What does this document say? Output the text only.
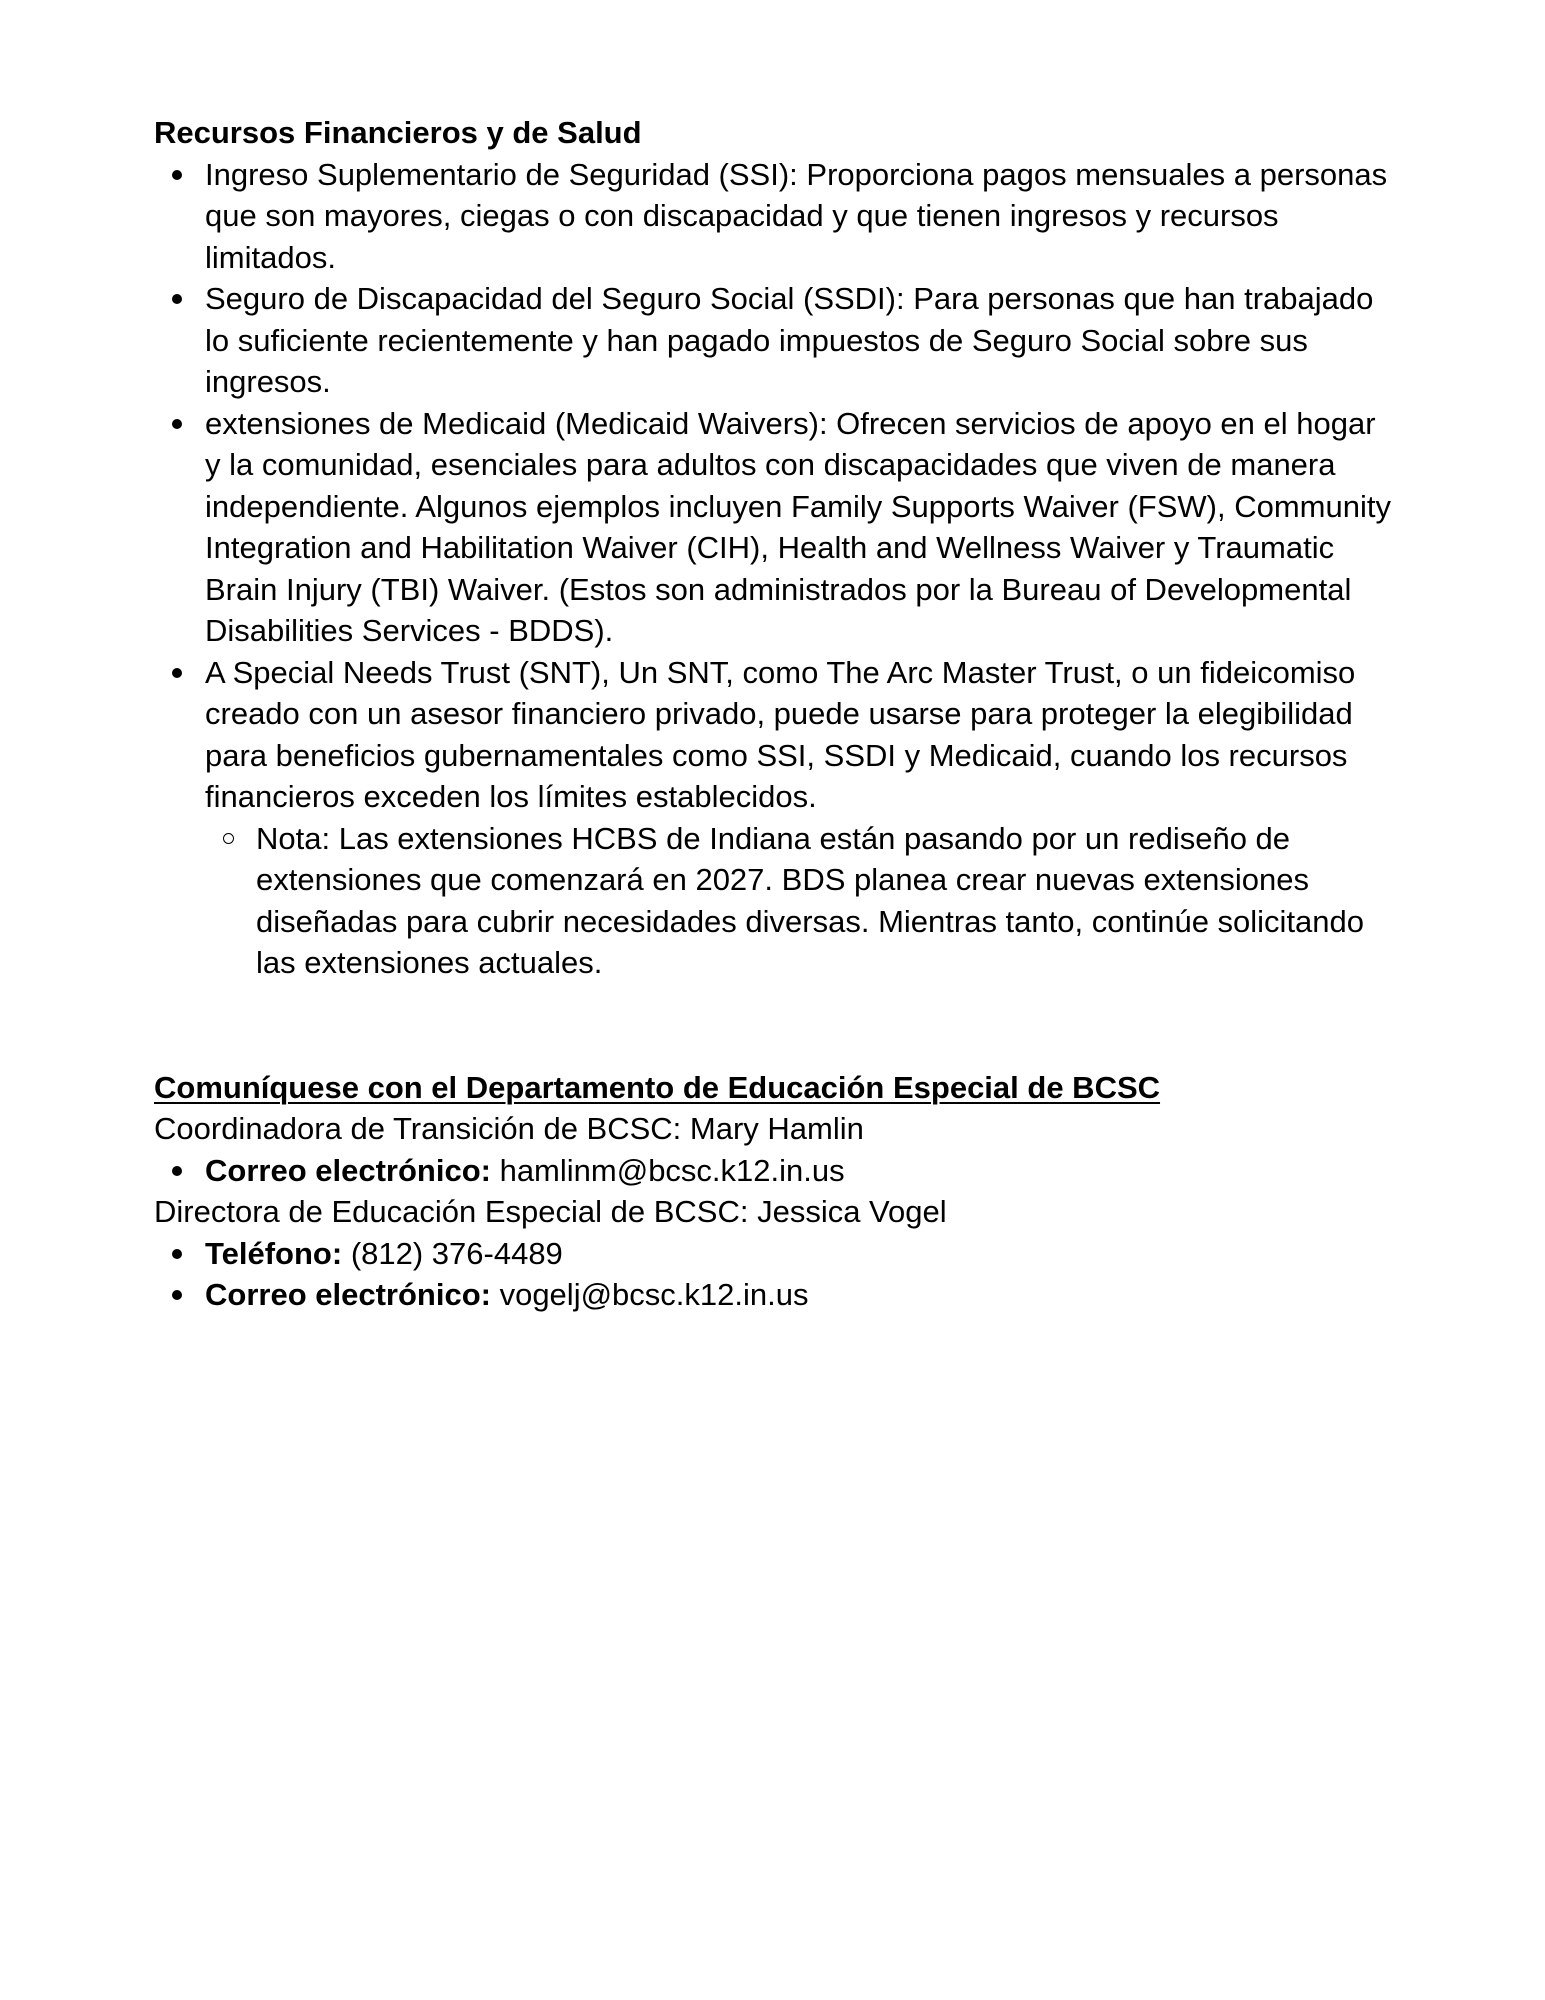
Recursos Financieros y de Salud

Ingreso Suplementario de Seguridad (SSI): Proporciona pagos mensuales a personas que son mayores, ciegas o con discapacidad y que tienen ingresos y recursos limitados.
Seguro de Discapacidad del Seguro Social (SSDI): Para personas que han trabajado lo suficiente recientemente y han pagado impuestos de Seguro Social sobre sus ingresos.
extensiones de Medicaid (Medicaid Waivers): Ofrecen servicios de apoyo en el hogar y la comunidad, esenciales para adultos con discapacidades que viven de manera independiente. Algunos ejemplos incluyen Family Supports Waiver (FSW), Community Integration and Habilitation Waiver (CIH), Health and Wellness Waiver y Traumatic Brain Injury (TBI) Waiver. (Estos son administrados por la Bureau of Developmental Disabilities Services - BDDS).
A Special Needs Trust (SNT), Un SNT, como The Arc Master Trust, o un fideicomiso creado con un asesor financiero privado, puede usarse para proteger la elegibilidad para beneficios gubernamentales como SSI, SSDI y Medicaid, cuando los recursos financieros exceden los límites establecidos.
Nota: Las extensiones HCBS de Indiana están pasando por un rediseño de extensiones que comenzará en 2027. BDS planea crear nuevas extensiones diseñadas para cubrir necesidades diversas. Mientras tanto, continúe solicitando las extensiones actuales.

Comuníquese con el Departamento de Educación Especial de BCSC

Coordinadora de Transición de BCSC: Mary Hamlin

Correo electrónico: hamlinm@bcsc.k12.in.us

Directora de Educación Especial de BCSC: Jessica Vogel

Teléfono: (812) 376-4489
Correo electrónico: vogelj@bcsc.k12.in.us
